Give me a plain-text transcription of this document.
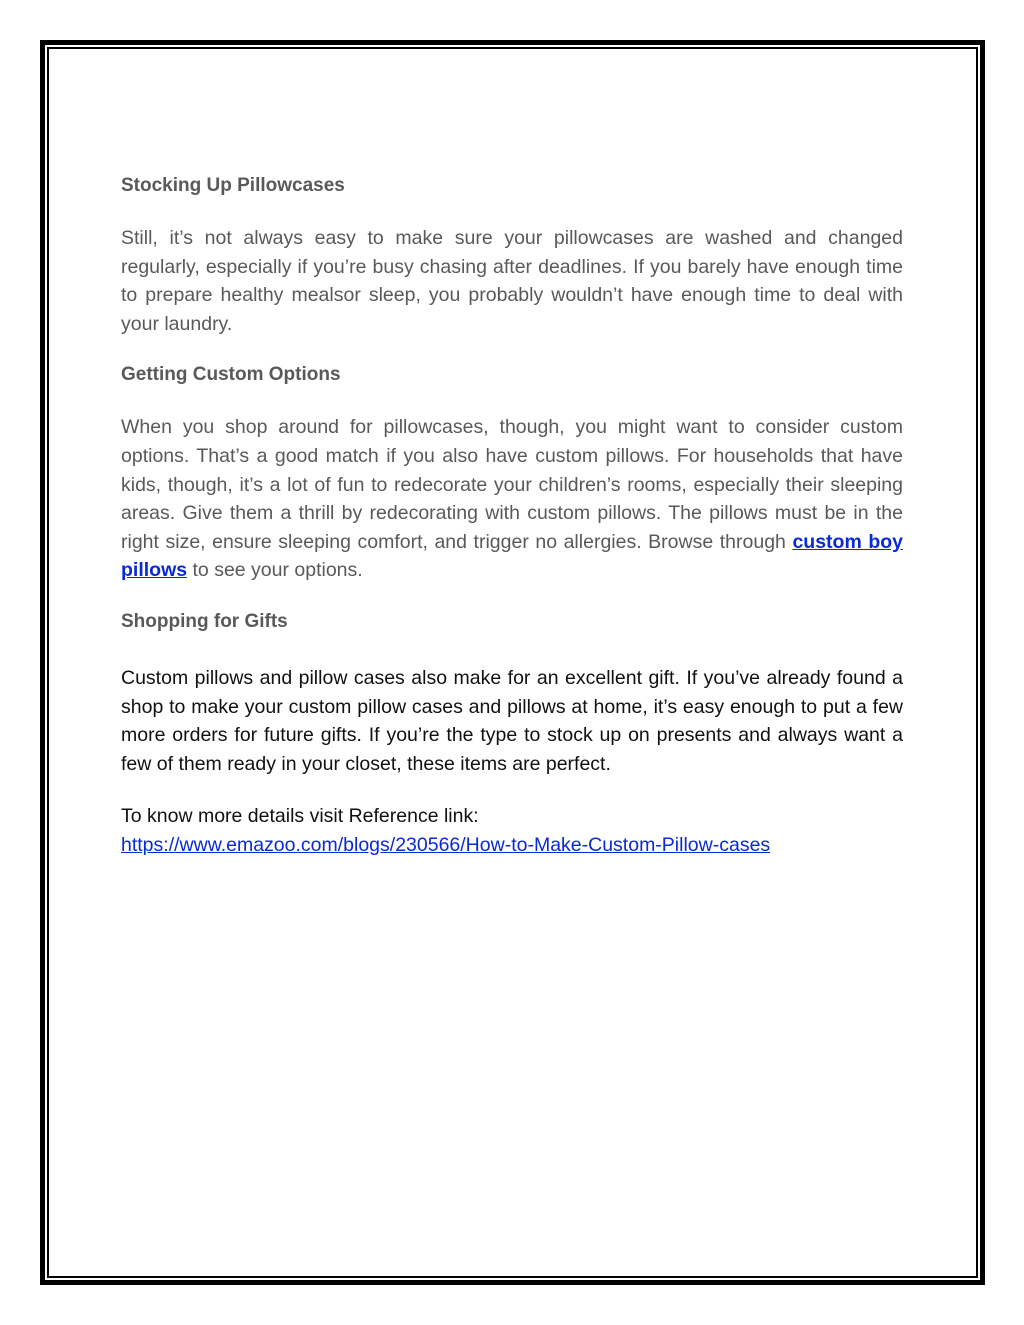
Stocking Up Pillowcases

Still, it’s not always easy to make sure your pillowcases are washed and changed regularly, especially if you’re busy chasing after deadlines. If you barely have enough time to prepare healthy mealsor sleep, you probably wouldn’t have enough time to deal with your laundry.

Getting Custom Options

When you shop around for pillowcases, though, you might want to consider custom options. That’s a good match if you also have custom pillows. For households that have kids, though, it’s a lot of fun to redecorate your children’s rooms, especially their sleeping areas. Give them a thrill by redecorating with custom pillows. The pillows must be in the right size, ensure sleeping comfort, and trigger no allergies. Browse through custom boy pillows to see your options.

Shopping for Gifts

Custom pillows and pillow cases also make for an excellent gift. If you’ve already found a shop to make your custom pillow cases and pillows at home, it’s easy enough to put a few more orders for future gifts. If you’re the type to stock up on presents and always want a few of them ready in your closet, these items are perfect.

To know more details visit Reference link:
https://www.emazoo.com/blogs/230566/How-to-Make-Custom-Pillow-cases
